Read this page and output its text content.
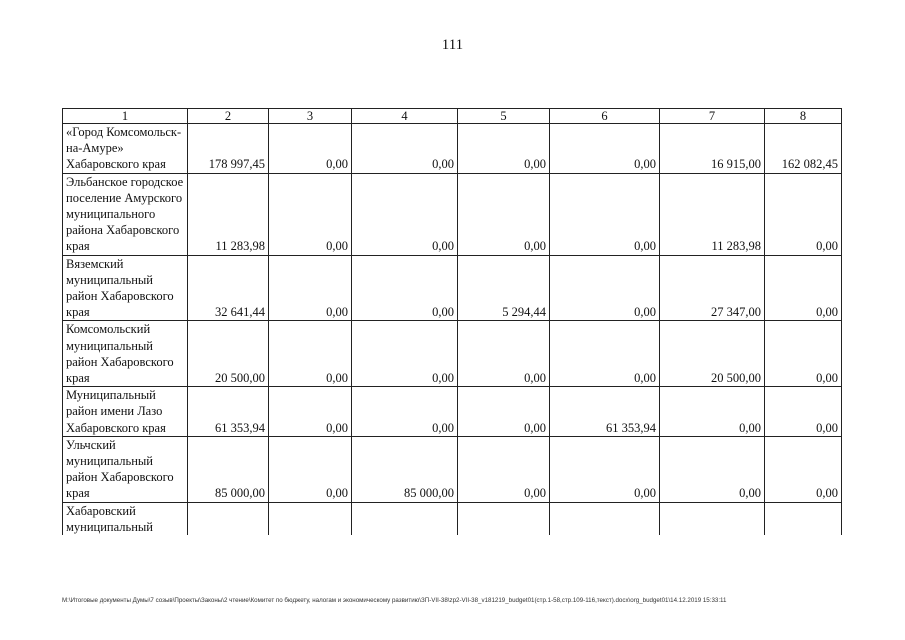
111
1	2	3	4	5	6	7	8
«Город Комсомольск-на-Амуре» Хабаровского края	178 997,45	0,00	0,00	0,00	0,00	16 915,00	162 082,45
Эльбанское городское поселение Амурского муниципального района Хабаровского края	11 283,98	0,00	0,00	0,00	0,00	11 283,98	0,00
Вяземский муниципальный район Хабаровского края	32 641,44	0,00	0,00	5 294,44	0,00	27 347,00	0,00
Комсомольский муниципальный район Хабаровского края	20 500,00	0,00	0,00	0,00	0,00	20 500,00	0,00
Муниципальный район имени Лазо Хабаровского края	61 353,94	0,00	0,00	0,00	61 353,94	0,00	0,00
Ульчский муниципальный район Хабаровского края	85 000,00	0,00	85 000,00	0,00	0,00	0,00	0,00
Хабаровский муниципальный							
M:\Итоговые документы Думы\7 созыв\Проекты\Законы\2 чтение\Комитет по бюджету, налогам и экономическому развитию\ЗП-VII-38\zp2-VII-38_v181219_budget01(стр.1-58,стр.109-116,текст).docx\org_budget01\14.12.2019 15:33:11
